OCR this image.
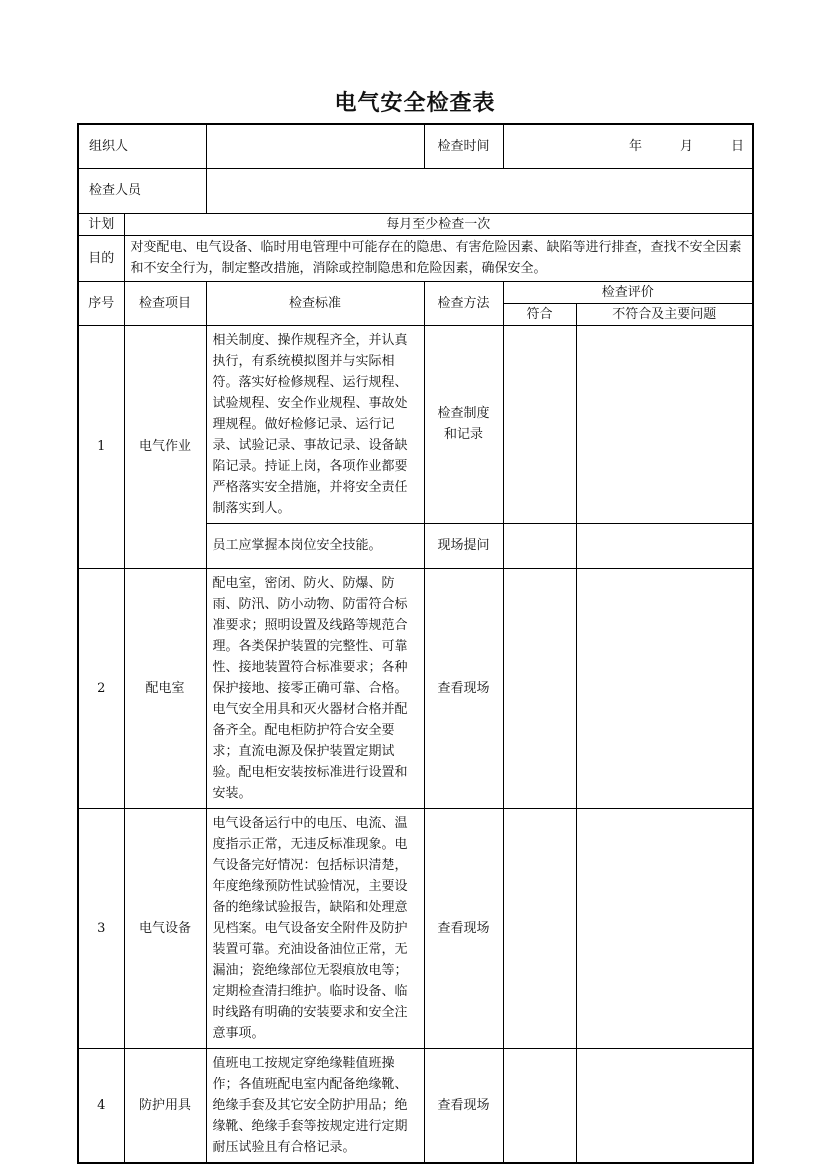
电气安全检查表
组织人			检查时间	年 月 日	
检查人员					
计划	每月至少检查一次				
目的	对变配电、电气设备、临时用电管理中可能存在的隐患、有害危险因素、缺陷等进行排查，查找不安全因素和不安全行为，制定整改措施，消除或控制隐患和危险因素，确保安全。				
序号	检查项目	检查标准	检查方法	检查评价	
				符合	不符合及主要问题
1	电气作业	相关制度、操作规程齐全，并认真执行，有系统模拟图并与实际相符。落实好检修规程、运行规程、试验规程、安全作业规程、事故处理规程。做好检修记录、运行记录、试验记录、事故记录、设备缺陷记录。持证上岗，各项作业都要严格落实安全措施，并将安全责任制落实到人。	检查制度和记录		
		员工应掌握本岗位安全技能。	现场提问		
2	配电室	配电室，密闭、防火、防爆、防雨、防汛、防小动物、防雷符合标准要求；照明设置及线路等规范合理。各类保护装置的完整性、可靠性、接地装置符合标准要求；各种保护接地、接零正确可靠、合格。电气安全用具和灭火器材合格并配备齐全。配电柜防护符合安全要求；直流电源及保护装置定期试验。配电柜安装按标准进行设置和安装。	查看现场		
3	电气设备	电气设备运行中的电压、电流、温度指示正常，无违反标准现象。电气设备完好情况：包括标识清楚，年度绝缘预防性试验情况，主要设备的绝缘试验报告，缺陷和处理意见档案。电气设备安全附件及防护装置可靠。充油设备油位正常，无漏油；瓷绝缘部位无裂痕放电等；定期检查清扫维护。临时设备、临时线路有明确的安装要求和安全注意事项。	查看现场		
4	防护用具	值班电工按规定穿绝缘鞋值班操作；各值班配电室内配备绝缘靴、绝缘手套及其它安全防护用品；绝缘靴、绝缘手套等按规定进行定期耐压试验且有合格记录。	查看现场		
